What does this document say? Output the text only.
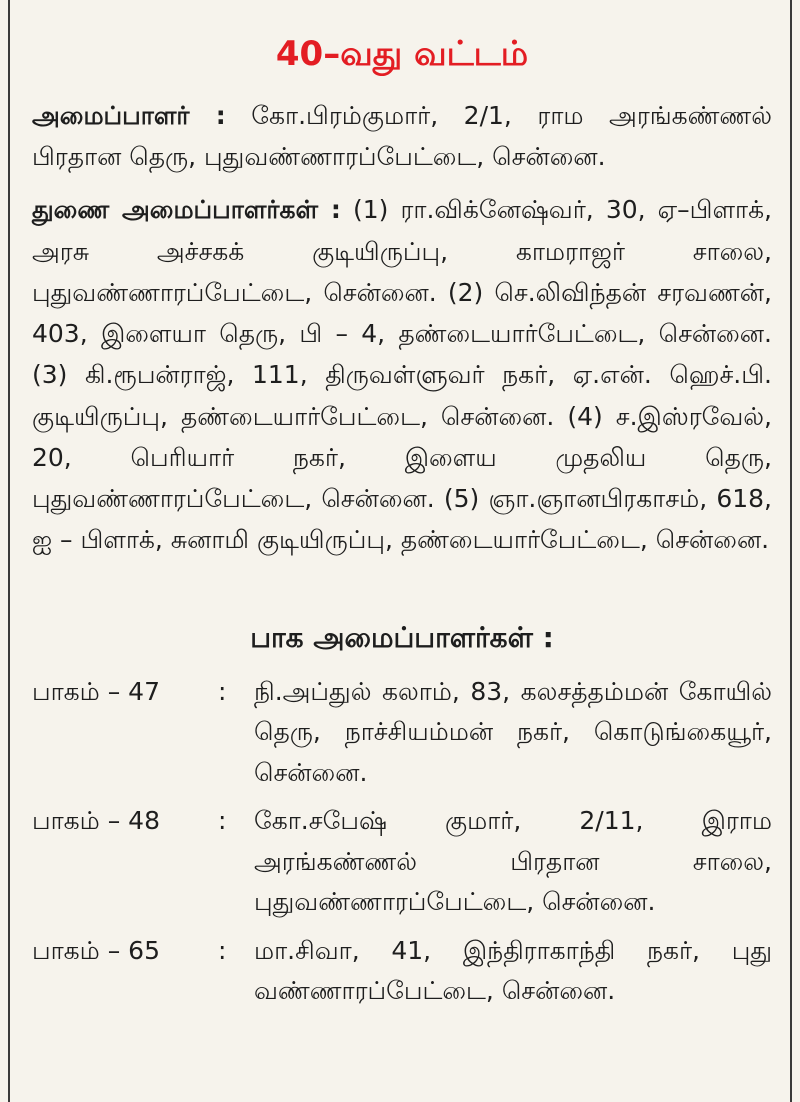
40–வது வட்டம்

அமைப்பாளர் : கோ.பிரம்குமார், 2/1, ராம அரங்கண்ணல் பிரதான தெரு, புதுவண்ணாரப்பேட்டை, சென்னை.

துணை அமைப்பாளர்கள் : (1) ரா.விக்னேஷ்வர், 30, ஏ–பிளாக், அரசு அச்சகக் குடியிருப்பு, காமராஜர் சாலை, புதுவண்ணாரப்பேட்டை, சென்னை. (2) செ.லிவிந்தன் சரவணன், 403, இளையா தெரு, பி – 4, தண்டையார்பேட்டை, சென்னை. (3) கி.ரூபன்ராஜ், 111, திருவள்ளுவர் நகர், ஏ.என். ஹெச்.பி. குடியிருப்பு, தண்டையார்பேட்டை, சென்னை. (4) ச.இஸ்ரவேல், 20, பெரியார் நகர், இளைய முதலிய தெரு, புதுவண்ணாரப்பேட்டை, சென்னை. (5) ஞா.ஞானபிரகாசம், 618, ஐ – பிளாக், சுனாமி குடியிருப்பு, தண்டையார்பேட்டை, சென்னை.

பாக அமைப்பாளர்கள் :
பாகம் – 47	:	நி.அப்துல் கலாம், 83, கலசத்தம்மன் கோயில் தெரு, நாச்சியம்மன் நகர், கொடுங்கையூர், சென்னை.
பாகம் – 48	:	கோ.சபேஷ் குமார், 2/11, இராம அரங்கண்ணல் பிரதான சாலை, புதுவண்ணாரப்பேட்டை, சென்னை.
பாகம் – 65	:	மா.சிவா, 41, இந்திராகாந்தி நகர், புது வண்ணாரப்பேட்டை, சென்னை.
